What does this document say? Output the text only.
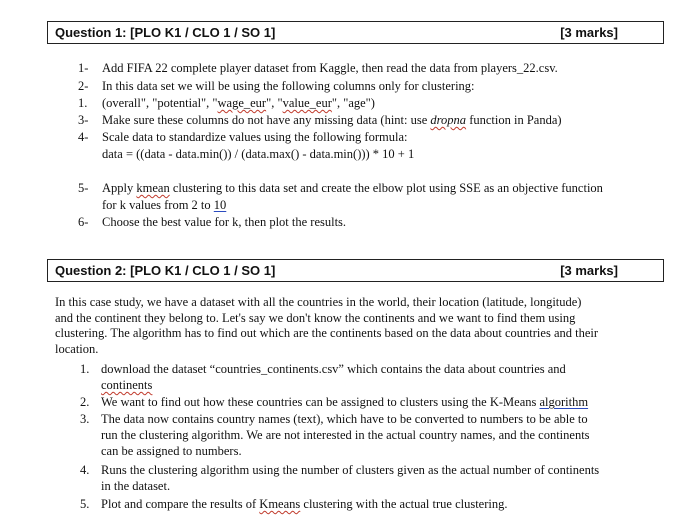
Question 1: [PLO K1 / CLO 1 / SO 1]	[3 marks]
1-	Add FIFA 22 complete player dataset from Kaggle, then read the data from players_22.csv.
2-	In this data set we will be using the following columns only for clustering:
1.	(overall", "potential", "wage_eur", "value_eur", "age")
3-	Make sure these columns do not have any missing data (hint: use dropna function in Panda)
4-	Scale data to standardize values using the following formula:
data = ((data - data.min()) / (data.max() - data.min())) * 10 + 1
5-	Apply kmean clustering to this data set and create the elbow plot using SSE as an objective function
for k values from 2 to 10
6-	Choose the best value for k, then plot the results.
Question 2: [PLO K1 / CLO 1 / SO 1]	[3 marks]
In this case study, we have a dataset with all the countries in the world, their location (latitude, longitude)
and the continent they belong to. Let's say we don't know the continents and we want to find them using
clustering. The algorithm has to find out which are the continents based on the data about countries and their
location.
1. download the dataset “countries_continents.csv” which contains the data about countries and
continents
2. We want to find out how these countries can be assigned to clusters using the K-Means algorithm
3. The data now contains country names (text), which have to be converted to numbers to be able to
run the clustering algorithm. We are not interested in the actual country names, and the continents
can be assigned to numbers.
4. Runs the clustering algorithm using the number of clusters given as the actual number of continents
in the dataset.
5. Plot and compare the results of Kmeans clustering with the actual true clustering.
